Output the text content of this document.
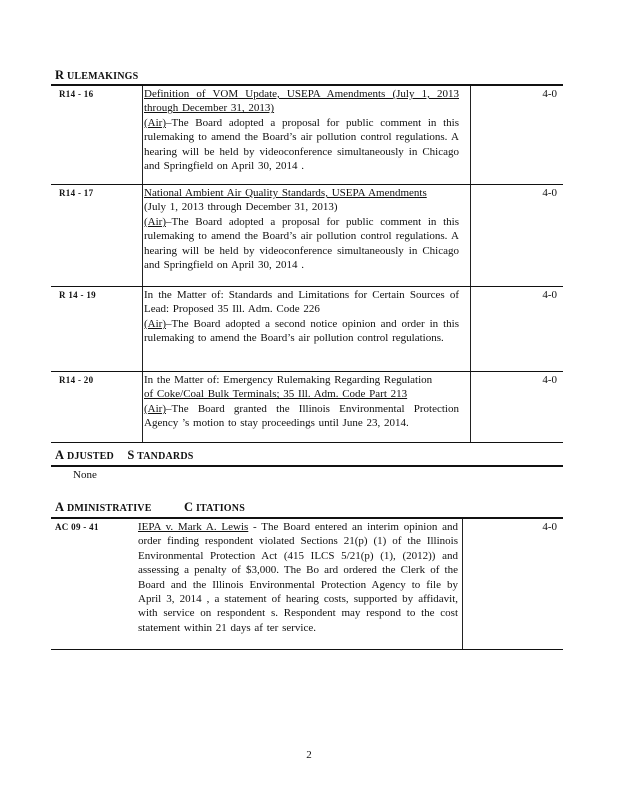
R ULEMAKINGS
R14 - 16	Definition of VOM Update, USEPA Amendments (July 1, 2013 through December 31, 2013)
(Air)–The Board adopted a proposal for public comment in this rulemaking to amend the Board’s air pollution control regulations. A hearing will be held by videoconference simultaneously in Chicago and Springfield on April 30, 2014 .
4-0
R14 - 17	National Ambient Air Quality Standards, USEPA Amendments
(July 1, 2013 through December 31, 2013)
(Air)–The Board adopted a proposal for public comment in this rulemaking to amend the Board’s air pollution control regulations. A hearing will be held by videoconference simultaneously in Chicago and Springfield on April 30, 2014 .
4-0
R 14 - 19	In the Matter of: Standards and Limitations for Certain Sources of Lead: Proposed 35 Ill. Adm. Code 226
(Air)–The Board adopted a second notice opinion and order in this rulemaking to amend the Board’s air pollution control regulations.
4-0
R14 - 20	In the Matter of: Emergency Rulemaking Regarding Regulation
of Coke/Coal Bulk Terminals; 35 Ill. Adm. Code Part 213
(Air)–The Board granted the Illinois Environmental Protection Agency ’s motion to stay proceedings until June 23, 2014.
4-0
A DJUSTED S TANDARDS
None
A DMINISTRATIVE	C ITATIONS
AC 09 - 41	IEPA v. Mark A. Lewis - The Board entered an interim opinion and order finding respondent violated Sections 21(p) (1) of the Illinois Environmental Protection Act (415 ILCS 5/21(p) (1), (2012)) and assessing a penalty of $3,000. The Bo ard ordered the Clerk of the Board and the Illinois Environmental Protection Agency to file by April 3, 2014 , a statement of hearing costs, supported by affidavit, with service on respondent s. Respondent may respond to the cost statement within 21 days af ter service.
4-0
2
